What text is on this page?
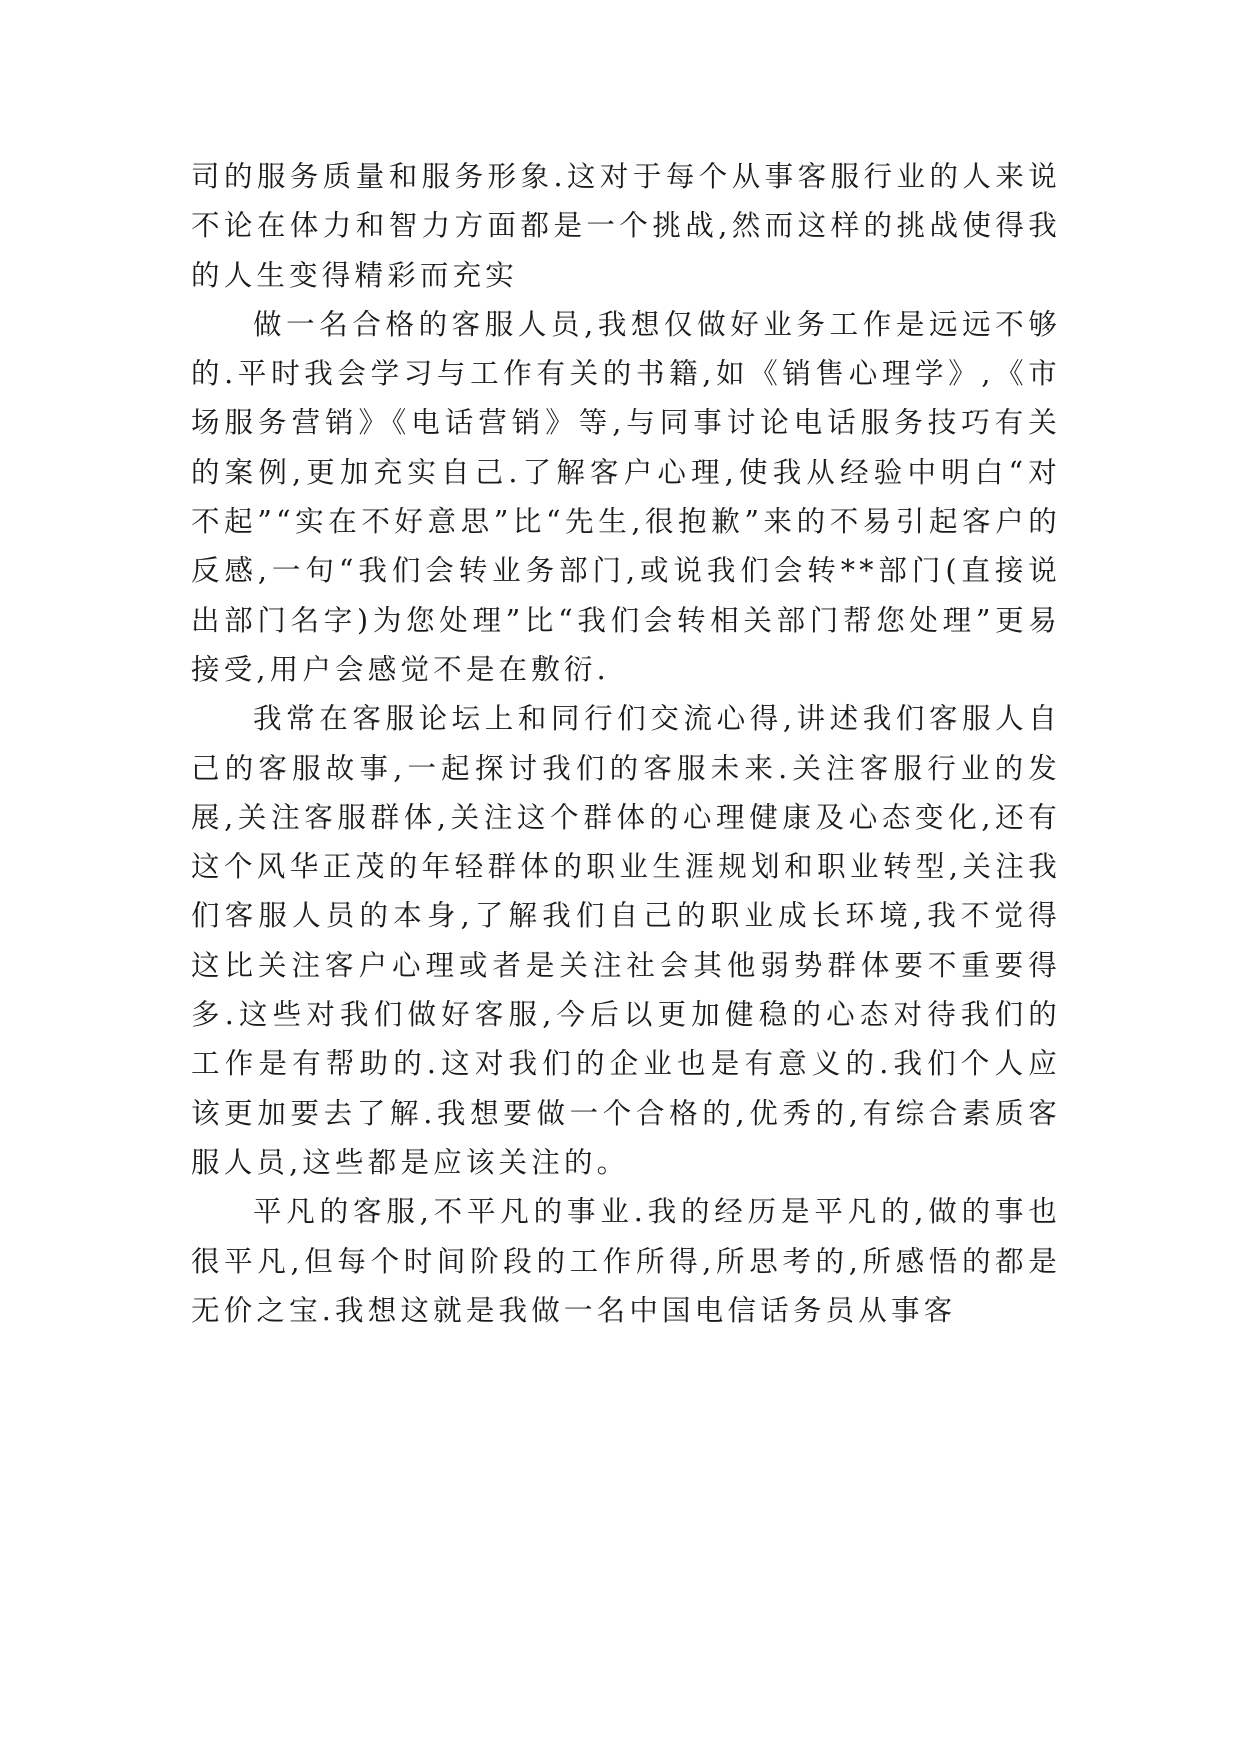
司的服务质量和服务形象.这对于每个从事客服行业的人来说不论在体力和智力方面都是一个挑战,然而这样的挑战使得我的人生变得精彩而充实

做一名合格的客服人员,我想仅做好业务工作是远远不够的.平时我会学习与工作有关的书籍,如《销售心理学》,《市场服务营销》《电话营销》等,与同事讨论电话服务技巧有关的案例,更加充实自己.了解客户心理,使我从经验中明白“对不起”“实在不好意思”比“先生,很抱歉”来的不易引起客户的反感,一句“我们会转业务部门,或说我们会转**部门(直接说出部门名字)为您处理”比“我们会转相关部门帮您处理”更易接受,用户会感觉不是在敷衍.

我常在客服论坛上和同行们交流心得,讲述我们客服人自己的客服故事,一起探讨我们的客服未来.关注客服行业的发展,关注客服群体,关注这个群体的心理健康及心态变化,还有这个风华正茂的年轻群体的职业生涯规划和职业转型,关注我们客服人员的本身,了解我们自己的职业成长环境,我不觉得这比关注客户心理或者是关注社会其他弱势群体要不重要得多.这些对我们做好客服,今后以更加健稳的心态对待我们的工作是有帮助的.这对我们的企业也是有意义的.我们个人应该更加要去了解.我想要做一个合格的,优秀的,有综合素质客服人员,这些都是应该关注的。

平凡的客服,不平凡的事业.我的经历是平凡的,做的事也很平凡,但每个时间阶段的工作所得,所思考的,所感悟的都是无价之宝.我想这就是我做一名中国电信话务员从事客
